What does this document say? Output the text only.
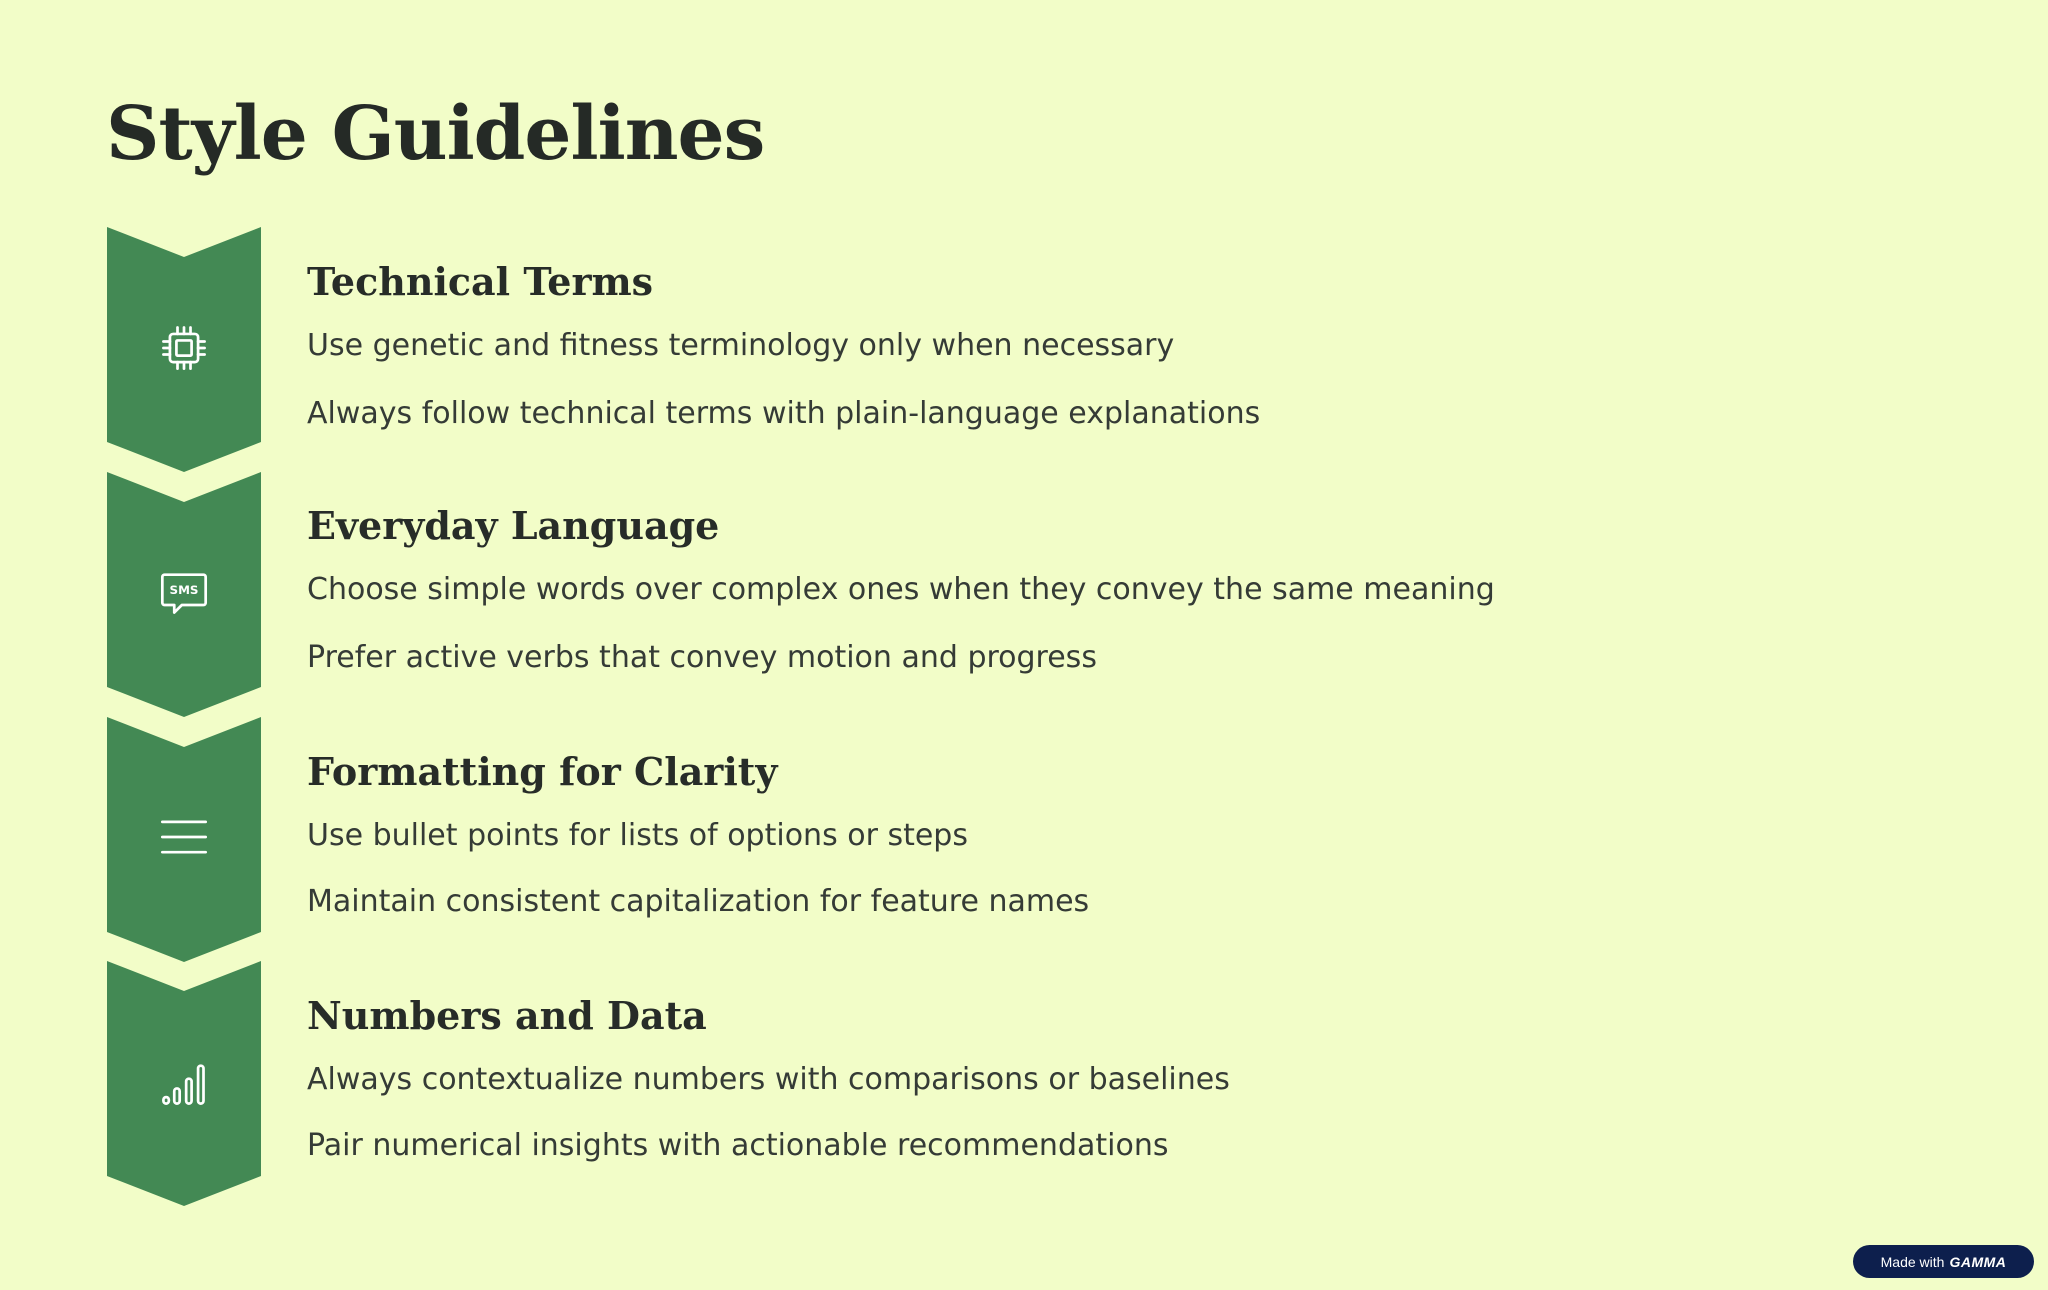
Style Guidelines
Technical Terms

Use genetic and fitness terminology only when necessary

Always follow technical terms with plain-language explanations

SMS
Everyday Language

Choose simple words over complex ones when they convey the same meaning

Prefer active verbs that convey motion and progress

Formatting for Clarity

Use bullet points for lists of options or steps

Maintain consistent capitalization for feature names

Numbers and Data

Always contextualize numbers with comparisons or baselines

Pair numerical insights with actionable recommendations

Made with GAMMA
